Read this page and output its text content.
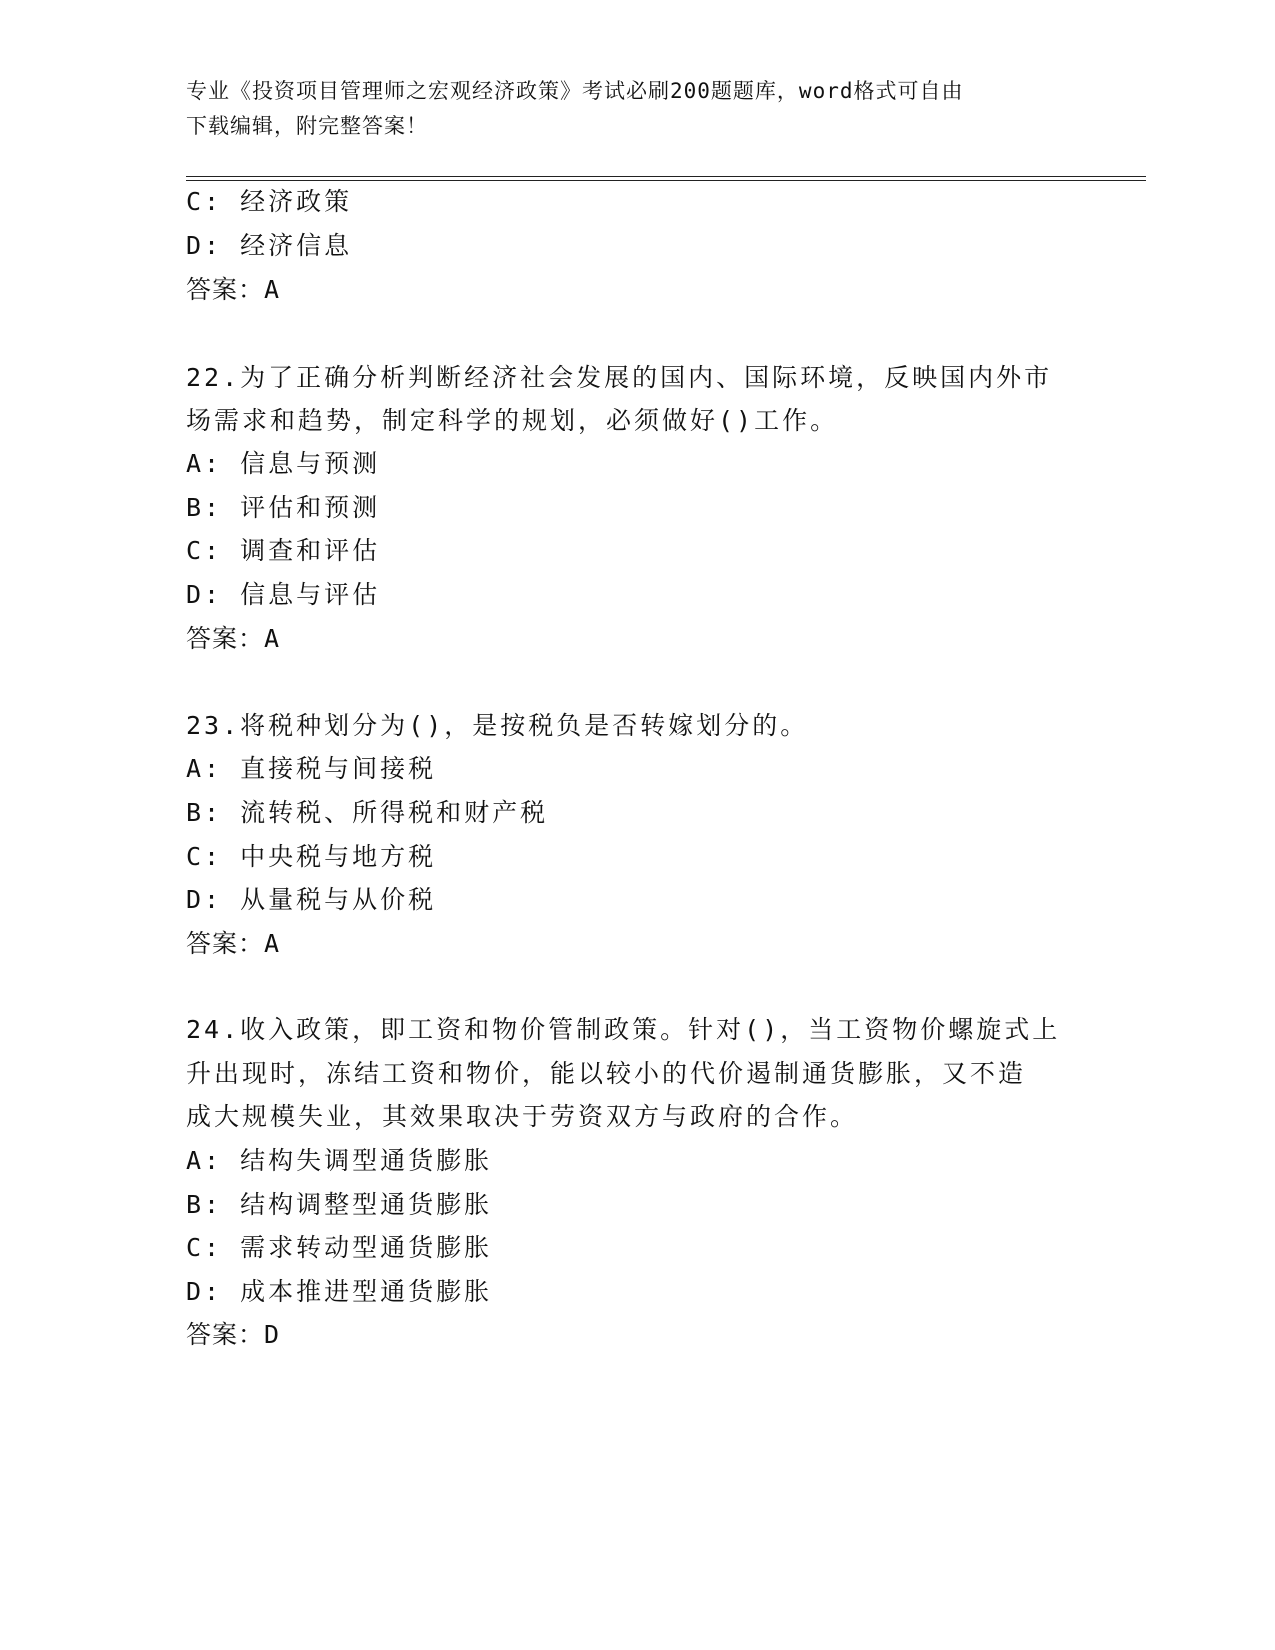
专业《投资项目管理师之宏观经济政策》考试必刷200题题库，word格式可自由
下载编辑，附完整答案！
C: 经济政策
D: 经济信息
答案：A
22.为了正确分析判断经济社会发展的国内、国际环境，反映国内外市
场需求和趋势，制定科学的规划，必须做好()工作。
A: 信息与预测
B: 评估和预测
C: 调查和评估
D: 信息与评估
答案：A
23.将税种划分为()，是按税负是否转嫁划分的。
A: 直接税与间接税
B: 流转税、所得税和财产税
C: 中央税与地方税
D: 从量税与从价税
答案：A
24.收入政策，即工资和物价管制政策。针对()，当工资物价螺旋式上
升出现时，冻结工资和物价，能以较小的代价遏制通货膨胀，又不造
成大规模失业，其效果取决于劳资双方与政府的合作。
A: 结构失调型通货膨胀
B: 结构调整型通货膨胀
C: 需求转动型通货膨胀
D: 成本推进型通货膨胀
答案：D
